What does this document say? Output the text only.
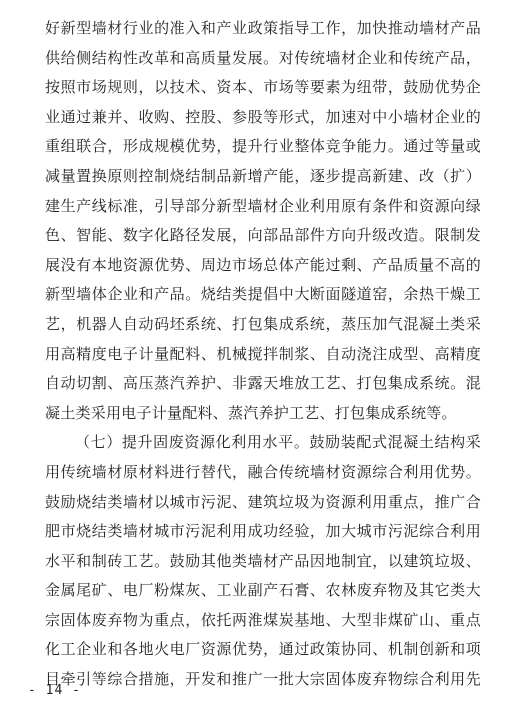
好新型墙材行业的准入和产业政策指导工作，加快推动墙材产品
供给侧结构性改革和高质量发展。对传统墙材企业和传统产品，
按照市场规则，以技术、资本、市场等要素为纽带，鼓励优势企
业通过兼并、收购、控股、参股等形式，加速对中小墙材企业的
重组联合，形成规模优势，提升行业整体竞争能力。通过等量或
减量置换原则控制烧结制品新增产能，逐步提高新建、改（扩）
建生产线标准，引导部分新型墙材企业利用原有条件和资源向绿
色、智能、数字化路径发展，向部品部件方向升级改造。限制发
展没有本地资源优势、周边市场总体产能过剩、产品质量不高的
新型墙体企业和产品。烧结类提倡中大断面隧道窑，余热干燥工
艺，机器人自动码坯系统、打包集成系统，蒸压加气混凝土类采
用高精度电子计量配料、机械搅拌制浆、自动浇注成型、高精度
自动切割、高压蒸汽养护、非露天堆放工艺、打包集成系统。混
凝土类采用电子计量配料、蒸汽养护工艺、打包集成系统等。
（七）提升固废资源化利用水平。鼓励装配式混凝土结构采
用传统墙材原材料进行替代，融合传统墙材资源综合利用优势。
鼓励烧结类墙材以城市污泥、建筑垃圾为资源利用重点，推广合
肥市烧结类墙材城市污泥利用成功经验，加大城市污泥综合利用
水平和制砖工艺。鼓励其他类墙材产品因地制宜，以建筑垃圾、
金属尾矿、电厂粉煤灰、工业副产石膏、农林废弃物及其它类大
宗固体废弃物为重点，依托两淮煤炭基地、大型非煤矿山、重点
化工企业和各地火电厂资源优势，通过政策协同、机制创新和项
目牵引等综合措施，开发和推广一批大宗固体废弃物综合利用先
- 14 -
